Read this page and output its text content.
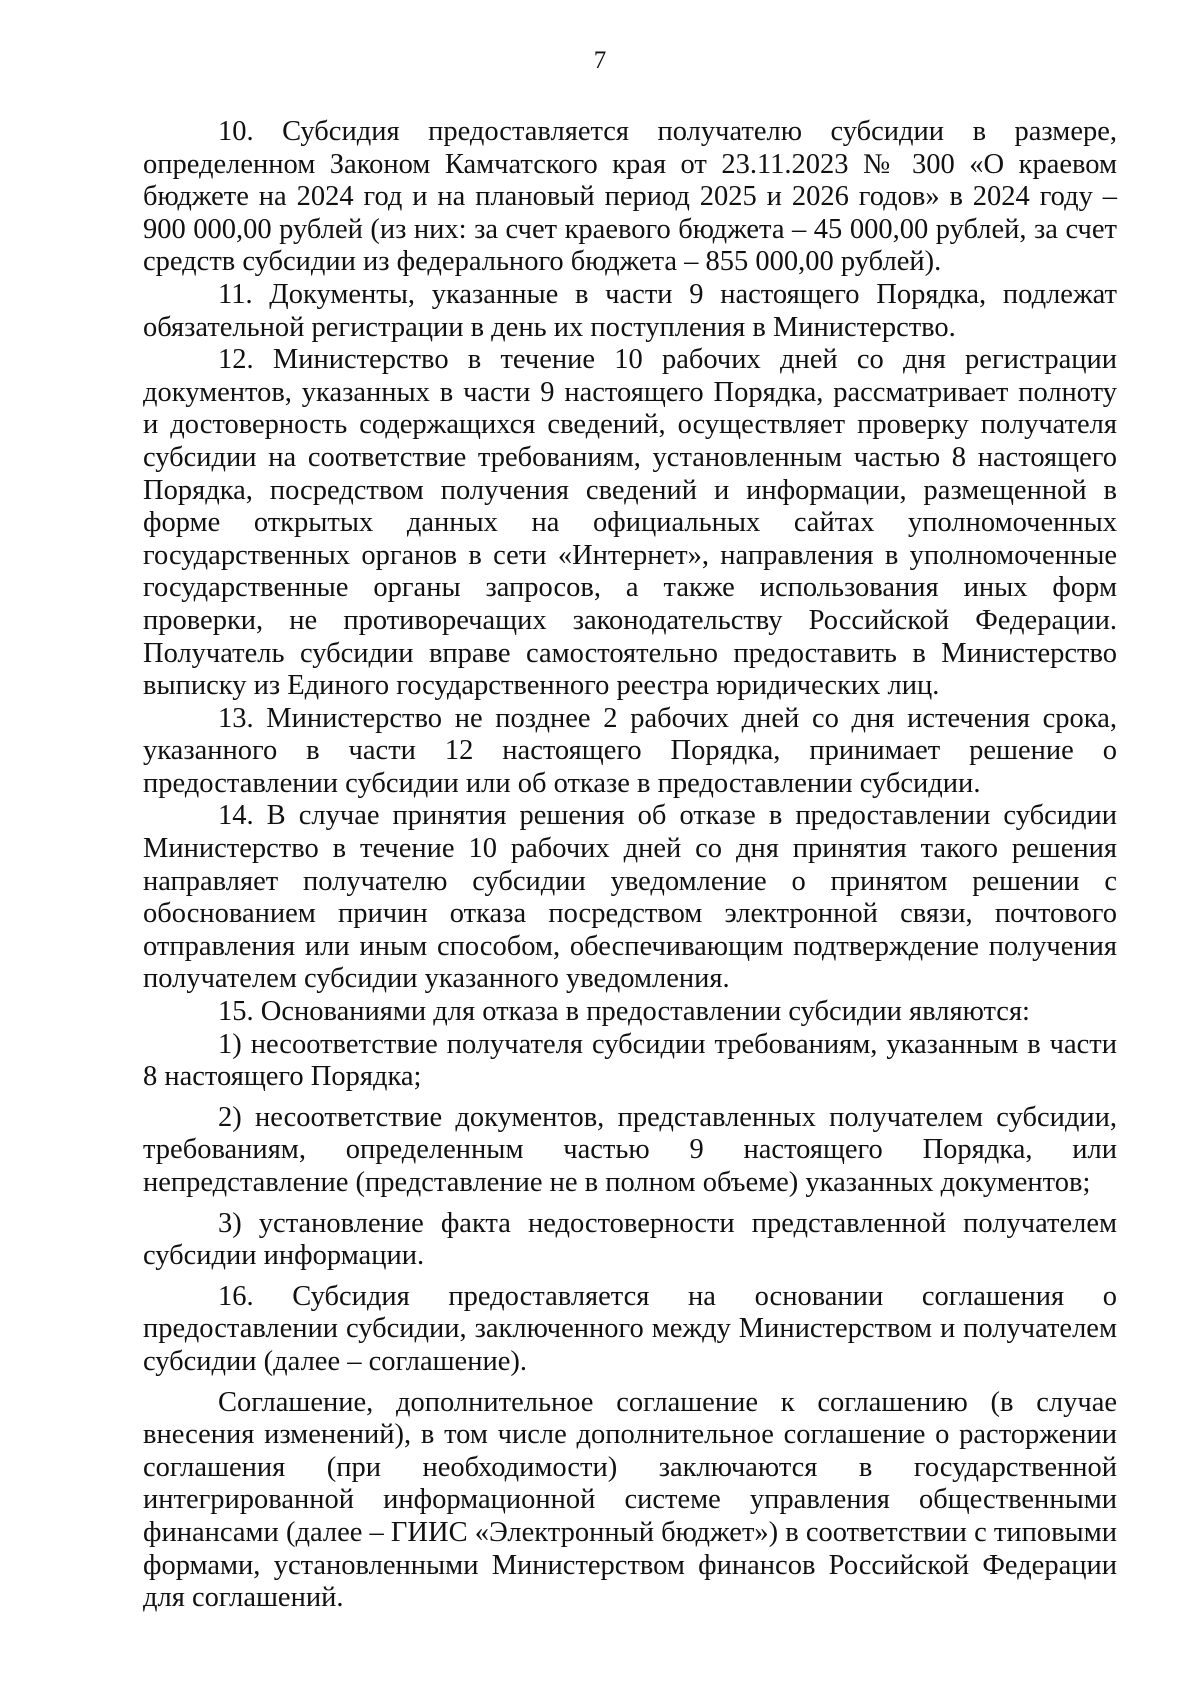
7

10. Субсидия предоставляется получателю субсидии в размере, определенном Законом Камчатского края от 23.11.2023 № 300 «О краевом бюджете на 2024 год и на плановый период 2025 и 2026 годов» в 2024 году – 900 000,00 рублей (из них: за счет краевого бюджета – 45 000,00 рублей, за счет средств субсидии из федерального бюджета – 855 000,00 рублей).

11. Документы, указанные в части 9 настоящего Порядка, подлежат обязательной регистрации в день их поступления в Министерство.

12. Министерство в течение 10 рабочих дней со дня регистрации документов, указанных в части 9 настоящего Порядка, рассматривает полноту и достоверность содержащихся сведений, осуществляет проверку получателя субсидии на соответствие требованиям, установленным частью 8 настоящего Порядка, посредством получения сведений и информации, размещенной в форме открытых данных на официальных сайтах уполномоченных государственных органов в сети «Интернет», направления в уполномоченные государственные органы запросов, а также использования иных форм проверки, не противоречащих законодательству Российской Федерации. Получатель субсидии вправе самостоятельно предоставить в Министерство выписку из Единого государственного реестра юридических лиц.

13. Министерство не позднее 2 рабочих дней со дня истечения срока, указанного в части 12 настоящего Порядка, принимает решение о предоставлении субсидии или об отказе в предоставлении субсидии.

14. В случае принятия решения об отказе в предоставлении субсидии Министерство в течение 10 рабочих дней со дня принятия такого решения направляет получателю субсидии уведомление о принятом решении с обоснованием причин отказа посредством электронной связи, почтового отправления или иным способом, обеспечивающим подтверждение получения получателем субсидии указанного уведомления.

15. Основаниями для отказа в предоставлении субсидии являются:

1) несоответствие получателя субсидии требованиям, указанным в части 8 настоящего Порядка;

2) несоответствие документов, представленных получателем субсидии, требованиям, определенным частью 9 настоящего Порядка, или непредставление (представление не в полном объеме) указанных документов;

3) установление факта недостоверности представленной получателем субсидии информации.

16. Субсидия предоставляется на основании соглашения о предоставлении субсидии, заключенного между Министерством и получателем субсидии (далее – соглашение).

Соглашение, дополнительное соглашение к соглашению (в случае внесения изменений), в том числе дополнительное соглашение о расторжении соглашения (при необходимости) заключаются в государственной интегрированной информационной системе управления общественными финансами (далее – ГИИС «Электронный бюджет») в соответствии с типовыми формами, установленными Министерством финансов Российской Федерации для соглашений.
